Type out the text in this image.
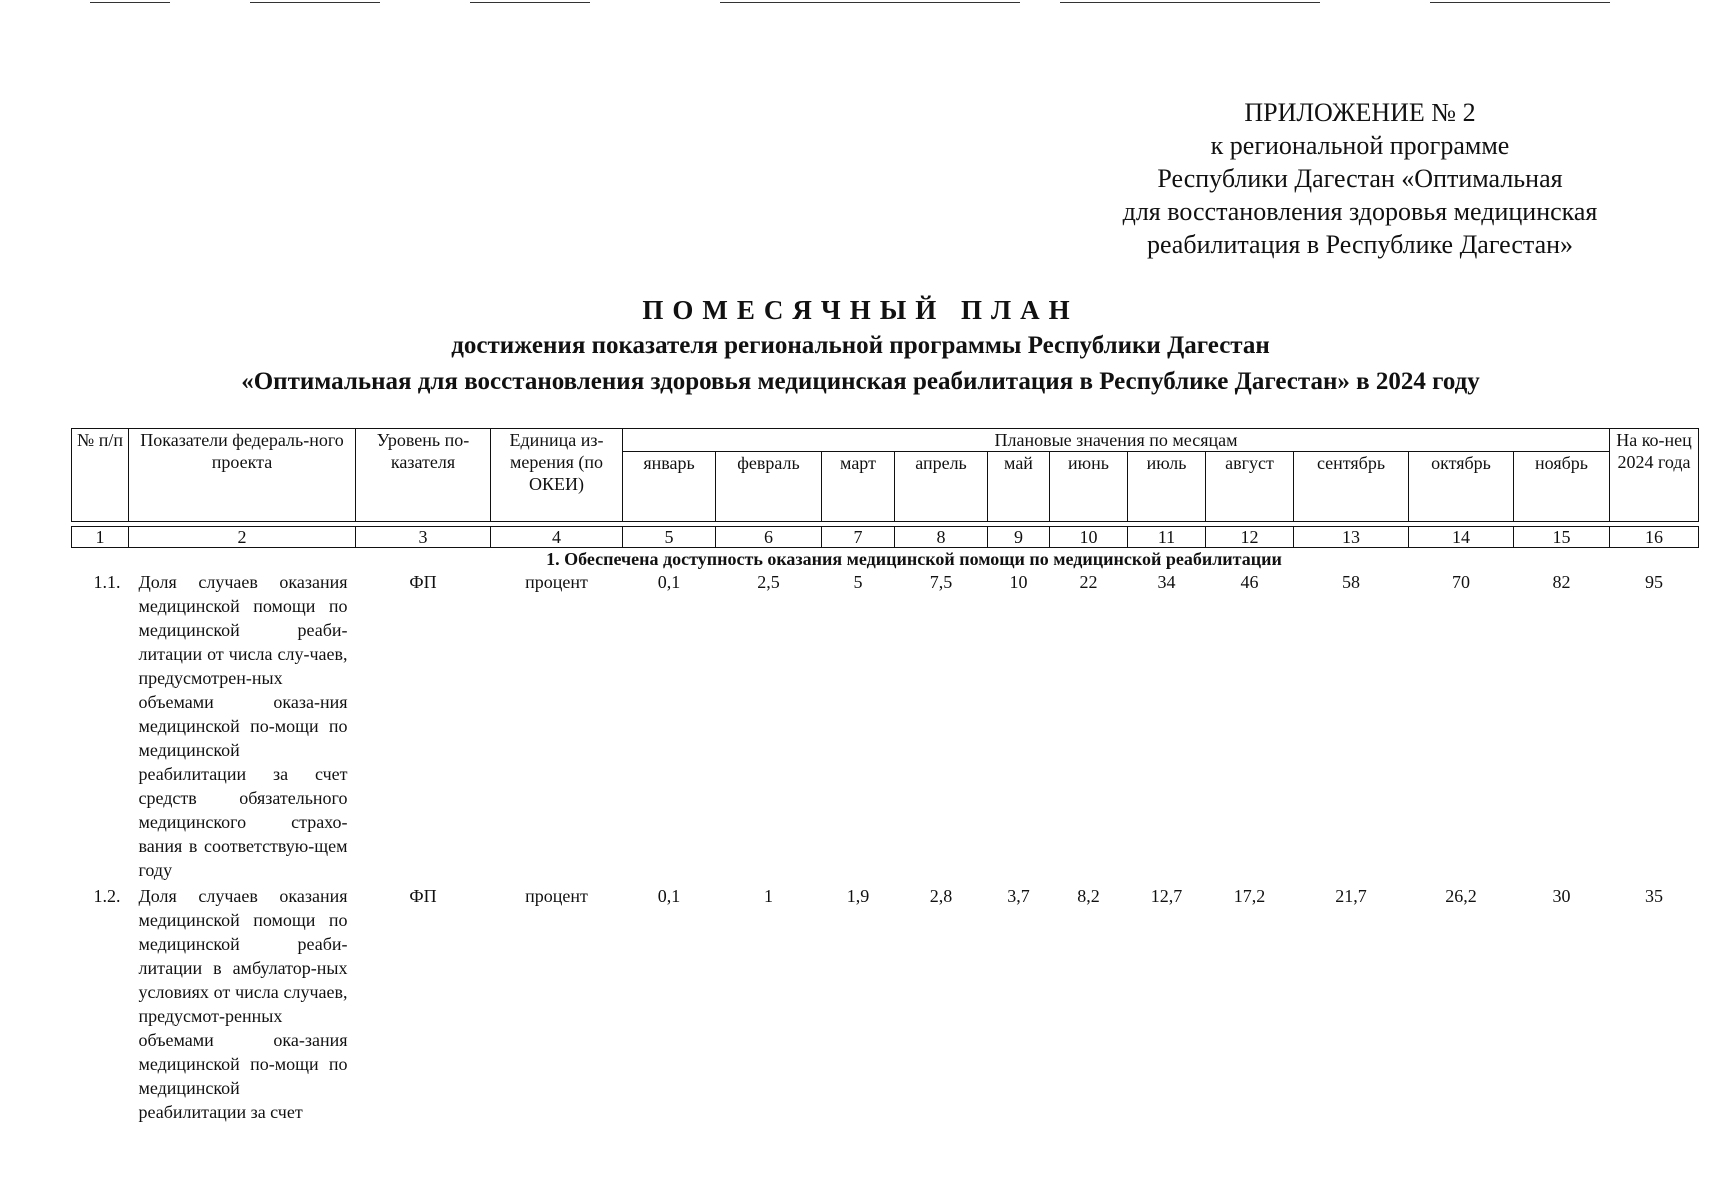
ПРИЛОЖЕНИЕ № 2
к региональной программе
Республики Дагестан «Оптимальная
для восстановления здоровья медицинская
реабилитация в Республике Дагестан»
ПОМЕСЯЧНЫЙ ПЛАН
достижения показателя региональной программы Республики Дагестан
«Оптимальная для восстановления здоровья медицинская реабилитация в Республике Дагестан» в 2024 году
№ п/п	Показатели федераль-ного проекта	Уровень по-казателя	Единица из-мерения (по ОКЕИ)	Плановые значения по месяцам											На ко-нец 2024 года
				январь	февраль	март	апрель	май	июнь	июль	август	сентябрь	октябрь	ноябрь	

1	2	3	4	5	6	7	8	9	10	11	12	13	14	15	16
1. Обеспечена доступность оказания медицинской помощи по медицинской реабилитации															
1.1.	Доля случаев оказания медицинской помощи по медицинской реаби-литации от числа слу-чаев, предусмотрен-ных объемами оказа-ния медицинской по-мощи по медицинской реабилитации за счет средств обязательного медицинского страхо-вания в соответствую-щем году	ФП	процент	0,1	2,5	5	7,5	10	22	34	46	58	70	82	95
1.2.	Доля случаев оказания медицинской помощи по медицинской реаби-литации в амбулатор-ных условиях от числа случаев, предусмот-ренных объемами ока-зания медицинской по-мощи по медицинской реабилитации за счет	ФП	процент	0,1	1	1,9	2,8	3,7	8,2	12,7	17,2	21,7	26,2	30	35
